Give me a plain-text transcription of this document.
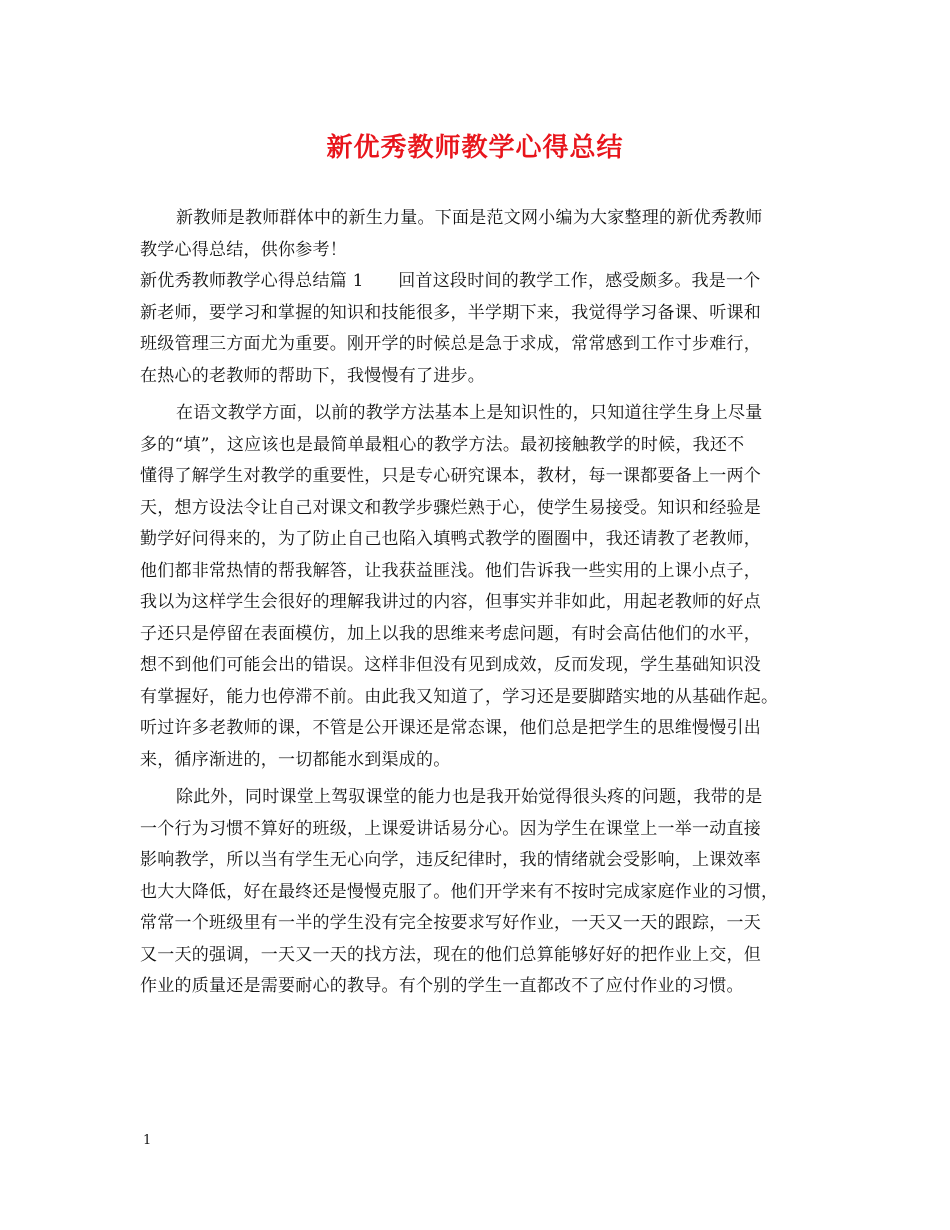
新优秀教师教学心得总结
新教师是教师群体中的新生力量。下面是范文网小编为大家整理的新优秀教师
教学心得总结，供你参考！
新优秀教师教学心得总结篇 1　　回首这段时间的教学工作，感受颇多。我是一个
新老师，要学习和掌握的知识和技能很多，半学期下来，我觉得学习备课、听课和
班级管理三方面尤为重要。刚开学的时候总是急于求成，常常感到工作寸步难行，
在热心的老教师的帮助下，我慢慢有了进步。
在语文教学方面，以前的教学方法基本上是知识性的，只知道往学生身上尽量
多的“填”，这应该也是最简单最粗心的教学方法。最初接触教学的时候，我还不
懂得了解学生对教学的重要性，只是专心研究课本，教材，每一课都要备上一两个
天，想方设法令让自己对课文和教学步骤烂熟于心，使学生易接受。知识和经验是
勤学好问得来的，为了防止自己也陷入填鸭式教学的圈圈中，我还请教了老教师，
他们都非常热情的帮我解答，让我获益匪浅。他们告诉我一些实用的上课小点子，
我以为这样学生会很好的理解我讲过的内容，但事实并非如此，用起老教师的好点
子还只是停留在表面模仿，加上以我的思维来考虑问题，有时会高估他们的水平，
想不到他们可能会出的错误。这样非但没有见到成效，反而发现，学生基础知识没
有掌握好，能力也停滞不前。由此我又知道了，学习还是要脚踏实地的从基础作起。
听过许多老教师的课，不管是公开课还是常态课，他们总是把学生的思维慢慢引出
来，循序渐进的，一切都能水到渠成的。
除此外，同时课堂上驾驭课堂的能力也是我开始觉得很头疼的问题，我带的是
一个行为习惯不算好的班级，上课爱讲话易分心。因为学生在课堂上一举一动直接
影响教学，所以当有学生无心向学，违反纪律时，我的情绪就会受影响，上课效率
也大大降低，好在最终还是慢慢克服了。他们开学来有不按时完成家庭作业的习惯，
常常一个班级里有一半的学生没有完全按要求写好作业，一天又一天的跟踪，一天
又一天的强调，一天又一天的找方法，现在的他们总算能够好好的把作业上交，但
作业的质量还是需要耐心的教导。有个别的学生一直都改不了应付作业的习惯。
1
